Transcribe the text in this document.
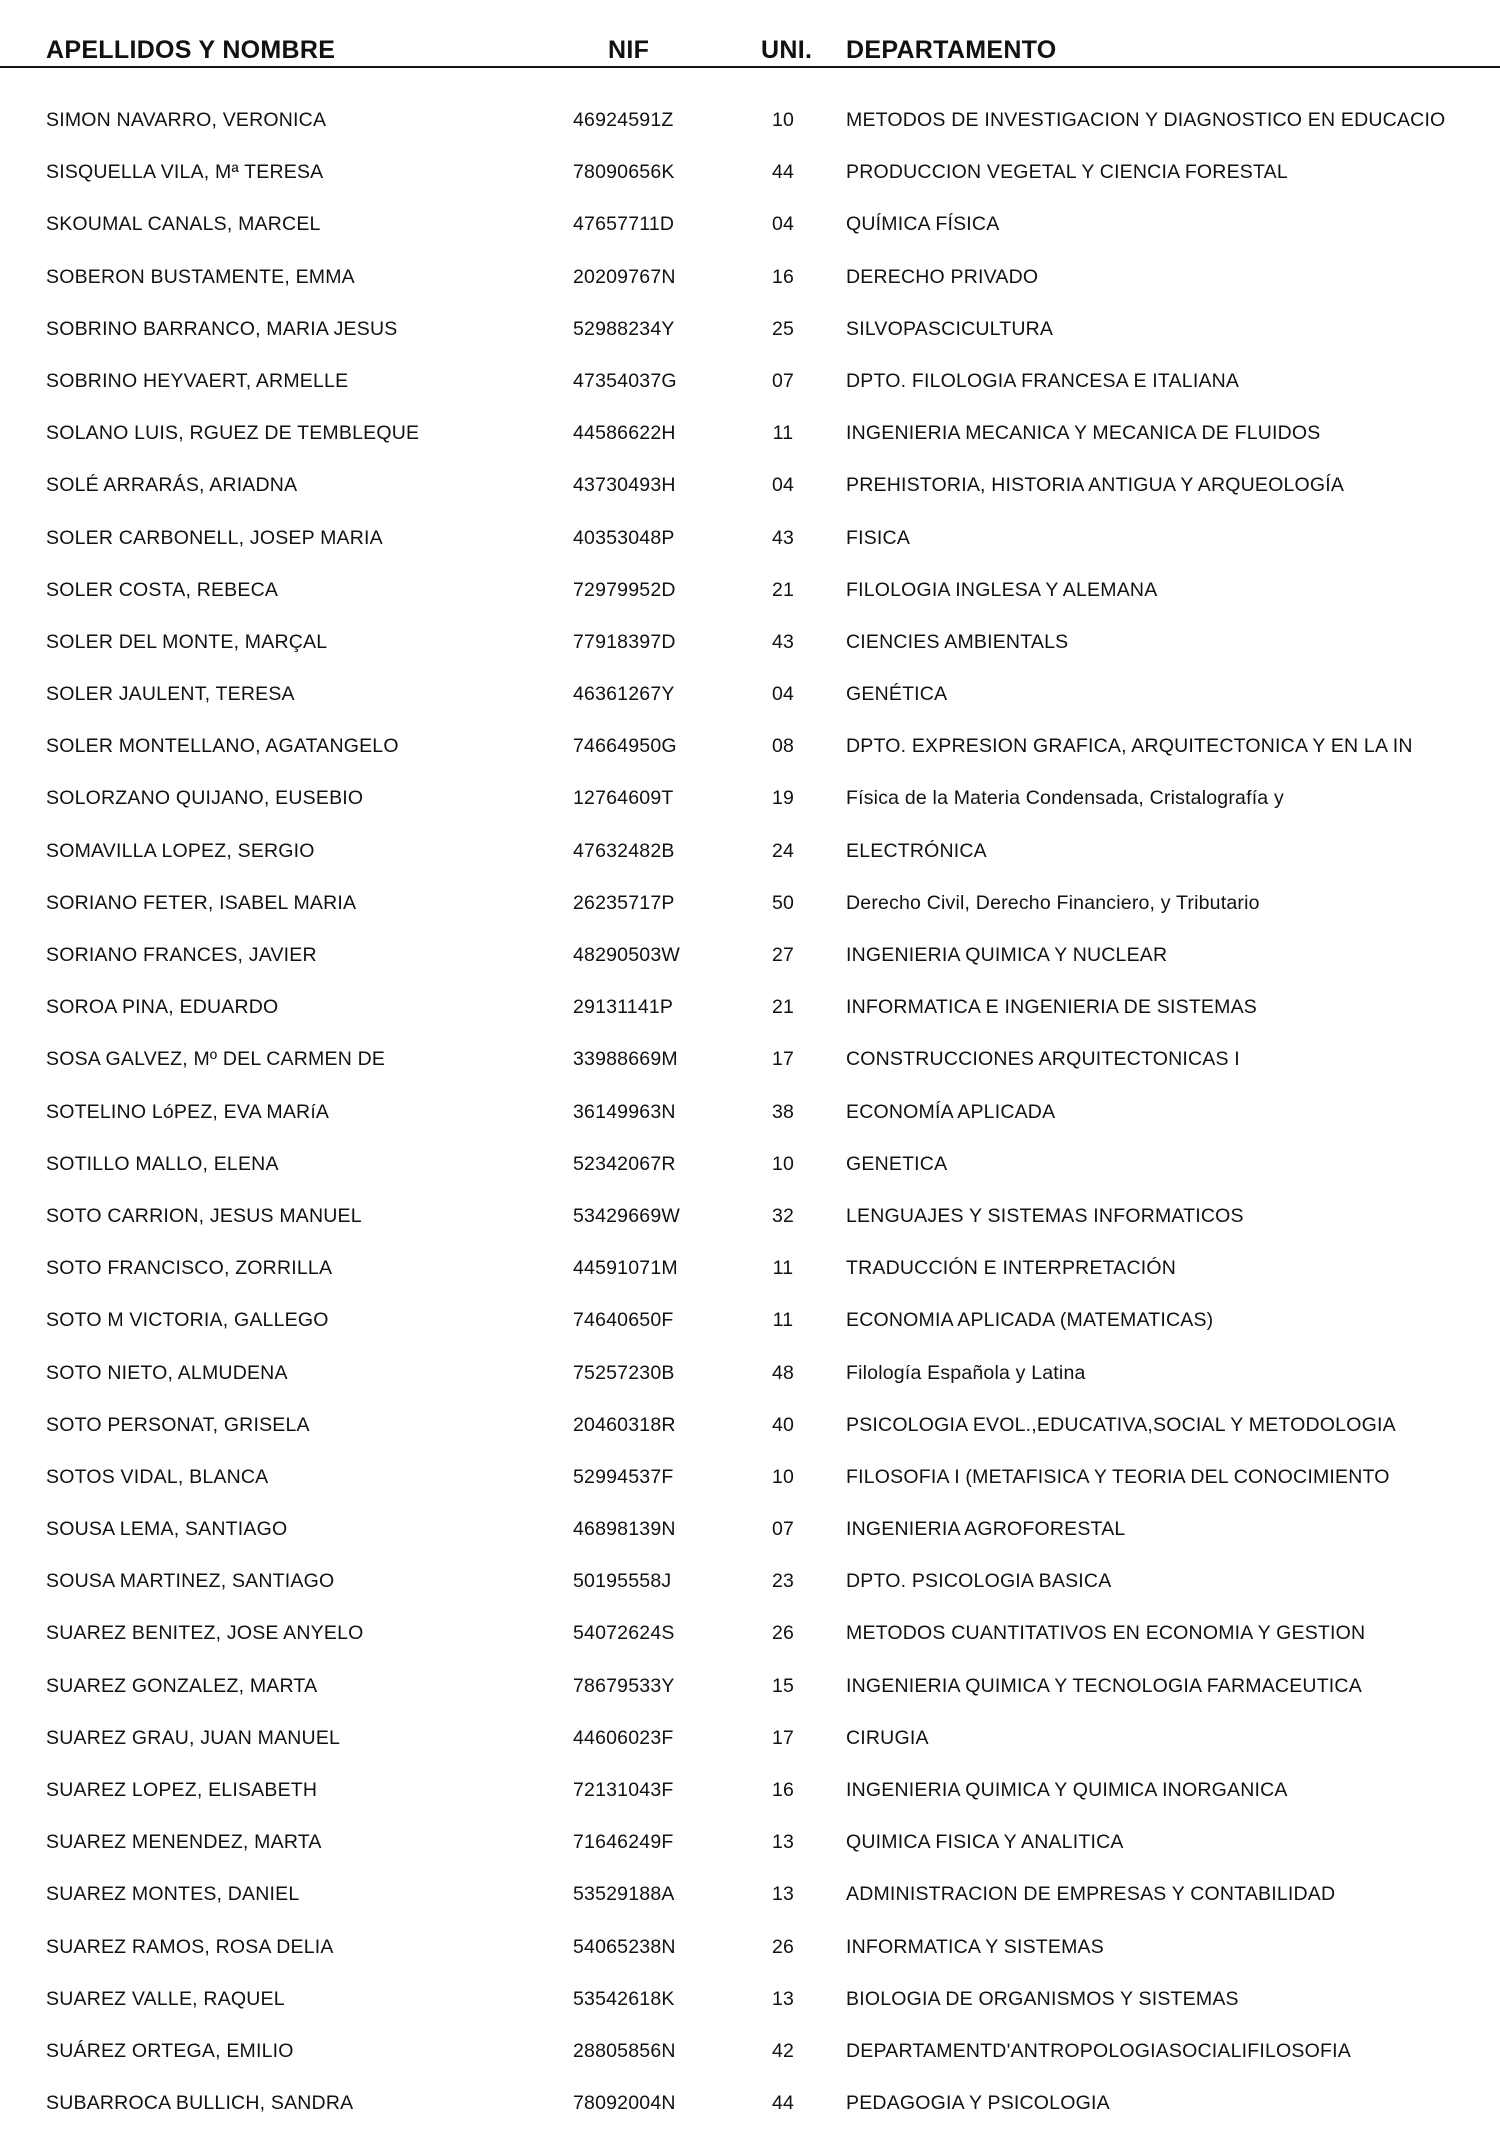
APELLIDOS Y NOMBRE	NIF	UNI. DEPARTAMENTO
SIMON NAVARRO, VERONICA	46924591Z	10	METODOS DE INVESTIGACION Y DIAGNOSTICO EN EDUCACIO
SISQUELLA VILA, Mª TERESA	78090656K	44	PRODUCCION VEGETAL Y CIENCIA FORESTAL
SKOUMAL CANALS, MARCEL	47657711D	04	QUÍMICA FÍSICA
SOBERON BUSTAMENTE, EMMA	20209767N	16	DERECHO PRIVADO
SOBRINO BARRANCO, MARIA JESUS	52988234Y	25	SILVOPASCICULTURA
SOBRINO HEYVAERT, ARMELLE	47354037G	07	DPTO. FILOLOGIA FRANCESA E ITALIANA
SOLANO LUIS, RGUEZ DE TEMBLEQUE	44586622H	11	INGENIERIA MECANICA Y MECANICA DE FLUIDOS
SOLÉ ARRARÁS, ARIADNA	43730493H	04	PREHISTORIA, HISTORIA ANTIGUA Y ARQUEOLOGÍA
SOLER CARBONELL, JOSEP MARIA	40353048P	43	FISICA
SOLER COSTA, REBECA	72979952D	21	FILOLOGIA INGLESA Y ALEMANA
SOLER DEL MONTE, MARÇAL	77918397D	43	CIENCIES AMBIENTALS
SOLER JAULENT, TERESA	46361267Y	04	GENÉTICA
SOLER MONTELLANO, AGATANGELO	74664950G	08	DPTO. EXPRESION GRAFICA, ARQUITECTONICA Y EN LA IN
SOLORZANO QUIJANO, EUSEBIO	12764609T	19	Física de la Materia Condensada, Cristalografía y
SOMAVILLA LOPEZ, SERGIO	47632482B	24	ELECTRÓNICA
SORIANO FETER, ISABEL MARIA	26235717P	50	Derecho Civil, Derecho Financiero, y Tributario
SORIANO FRANCES, JAVIER	48290503W	27	INGENIERIA QUIMICA Y NUCLEAR
SOROA PINA, EDUARDO	29131141P	21	INFORMATICA E INGENIERIA DE SISTEMAS
SOSA GALVEZ, Mº DEL CARMEN DE	33988669M	17	CONSTRUCCIONES ARQUITECTONICAS I
SOTELINO LóPEZ, EVA MARíA	36149963N	38	ECONOMÍA APLICADA
SOTILLO MALLO, ELENA	52342067R	10	GENETICA
SOTO CARRION, JESUS MANUEL	53429669W	32	LENGUAJES Y SISTEMAS INFORMATICOS
SOTO FRANCISCO, ZORRILLA	44591071M	11	TRADUCCIÓN E INTERPRETACIÓN
SOTO M VICTORIA, GALLEGO	74640650F	11	ECONOMIA APLICADA (MATEMATICAS)
SOTO NIETO, ALMUDENA	75257230B	48	Filología Española y Latina
SOTO PERSONAT, GRISELA	20460318R	40	PSICOLOGIA EVOL.,EDUCATIVA,SOCIAL Y METODOLOGIA
SOTOS VIDAL, BLANCA	52994537F	10	FILOSOFIA I (METAFISICA Y TEORIA DEL CONOCIMIENTO
SOUSA LEMA, SANTIAGO	46898139N	07	INGENIERIA AGROFORESTAL
SOUSA MARTINEZ, SANTIAGO	50195558J	23	DPTO. PSICOLOGIA BASICA
SUAREZ BENITEZ, JOSE ANYELO	54072624S	26	METODOS CUANTITATIVOS EN ECONOMIA Y GESTION
SUAREZ GONZALEZ, MARTA	78679533Y	15	INGENIERIA QUIMICA Y TECNOLOGIA FARMACEUTICA
SUAREZ GRAU, JUAN MANUEL	44606023F	17	CIRUGIA
SUAREZ LOPEZ, ELISABETH	72131043F	16	INGENIERIA QUIMICA Y QUIMICA INORGANICA
SUAREZ MENENDEZ, MARTA	71646249F	13	QUIMICA FISICA Y ANALITICA
SUAREZ MONTES, DANIEL	53529188A	13	ADMINISTRACION DE EMPRESAS Y CONTABILIDAD
SUAREZ RAMOS, ROSA DELIA	54065238N	26	INFORMATICA Y SISTEMAS
SUAREZ VALLE, RAQUEL	53542618K	13	BIOLOGIA DE ORGANISMOS Y SISTEMAS
SUÁREZ ORTEGA, EMILIO	28805856N	42	DEPARTAMENTD'ANTROPOLOGIASOCIALIFILOSOFIA
SUBARROCA BULLICH, SANDRA	78092004N	44	PEDAGOGIA Y PSICOLOGIA
